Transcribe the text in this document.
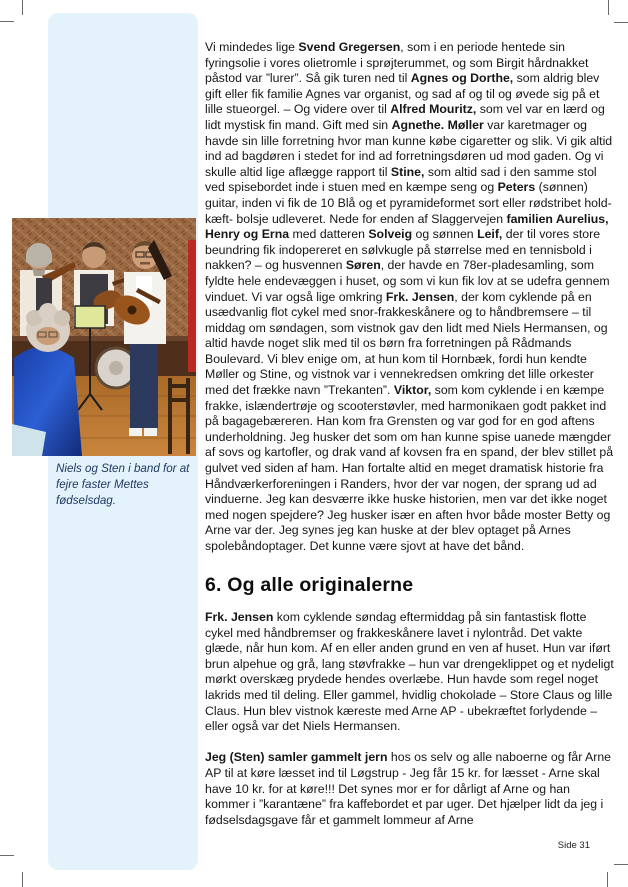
Niels og Sten i band for at fejre faster Mettes fødselsdag.

Vi mindedes lige Svend Gregersen, som i en periode hentede sin fyringsolie i vores olietromle i sprøjterummet, og som Birgit hårdnakket påstod var ”lurer”. Så gik turen ned til Agnes og Dorthe, som aldrig blev gift eller fik familie Agnes var organist, og sad af og til og øvede sig på et lille stueorgel. – Og videre over til Alfred Mouritz, som vel var en lærd og lidt mystisk fin mand. Gift med sin Agnethe. Møller var karetmager og havde sin lille forretning hvor man kunne købe cigaretter og slik. Vi gik altid ind ad bagdøren i stedet for ind ad forretningsdøren ud mod gaden. Og vi skulle altid lige aflægge rapport til Stine, som altid sad i den samme stol ved spisebordet inde i stuen med en kæmpe seng og Peters (sønnen) guitar, inden vi fik de 10 Blå og et pyramideformet sort eller rødstribet hold-kæft- bolsje udleveret. Nede for enden af Slaggervejen familien Aurelius, Henry og Erna med datteren Solveig og sønnen Leif, der til vores store beundring fik indopereret en sølvkugle på størrelse med en tennisbold i nakken? – og husvennen Søren, der havde en 78er-pladesamling, som fyldte hele endevæggen i huset, og som vi kun fik lov at se udefra gennem vinduet. Vi var også lige omkring Frk. Jensen, der kom cyklende på en usædvanlig flot cykel med snor-frakkeskånere og to håndbremsere – til middag om søndagen, som vistnok gav den lidt med Niels Hermansen, og altid havde noget slik med til os børn fra forretningen på Rådmands Boulevard. Vi blev enige om, at hun kom til Hornbæk, fordi hun kendte Møller og Stine, og vistnok var i vennekredsen omkring det lille orkester med det frække navn ”Trekanten”. Viktor, som kom cyklende i en kæmpe frakke, islændertrøje og scooterstøvler, med harmonikaen godt pakket ind på bagagebæreren. Han kom fra Grensten og var god for en god aftens underholdning. Jeg husker det som om han kunne spise uanede mængder af sovs og kartofler, og drak vand af kovsen fra en spand, der blev stillet på gulvet ved siden af ham. Han fortalte altid en meget dramatisk historie fra Håndværkerforeningen i Randers, hvor der var nogen, der sprang ud ad vinduerne. Jeg kan desværre ikke huske historien, men var det ikke noget med nogen spejdere? Jeg husker især en aften hvor både moster Betty og Arne var der. Jeg synes jeg kan huske at der blev optaget på Arnes spolebåndoptager. Det kunne være sjovt at have det bånd.

6. Og alle originalerne

Frk. Jensen kom cyklende søndag eftermiddag på sin fantastisk flotte cykel med håndbremser og frakkeskånere lavet i nylontråd. Det vakte glæde, når hun kom. Af en eller anden grund en ven af huset. Hun var iført brun alpehue og grå, lang støvfrakke – hun var drengeklippet og et nydeligt mørkt overskæg prydede hendes overlæbe. Hun havde som regel noget lakrids med til deling. Eller gammel, hvidlig chokolade – Store Claus og lille Claus. Hun blev vistnok kæreste med Arne AP - ubekræftet forlydende – eller også var det Niels Hermansen.

Jeg (Sten) samler gammelt jern hos os selv og alle naboerne og får Arne AP til at køre læsset ind til Løgstrup - Jeg får 15 kr. for læsset - Arne skal have 10 kr. for at køre!!! Det synes mor er for dårligt af Arne og han kommer i ”karantæne” fra kaffebordet et par uger. Det hjælper lidt da jeg i fødselsdagsgave får et gammelt lommeur af Arne

Side 31
